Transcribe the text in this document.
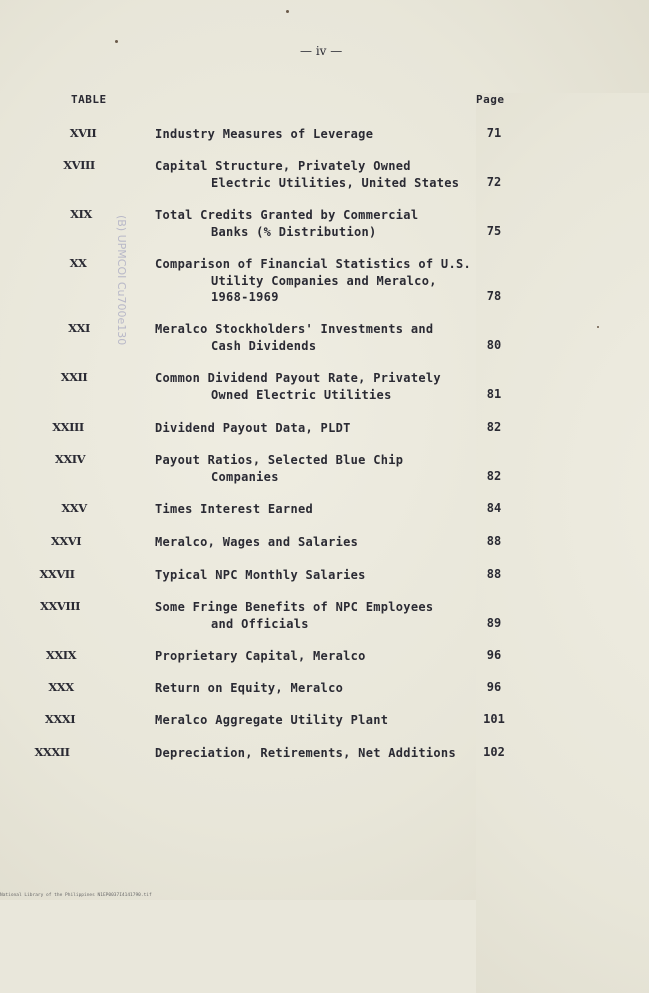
— iv —
TABLE	Page
XVII	Industry Measures of Leverage	71
XVIII	Capital Structure, Privately Owned
Electric Utilities, United States	72
XIX	Total Credits Granted by Commercial
Banks (% Distribution)	75
XX	Comparison of Financial Statistics of U.S.
Utility Companies and Meralco,
1968-1969	78
XXI	Meralco Stockholders' Investments and
Cash Dividends	80
XXII	Common Dividend Payout Rate, Privately
Owned Electric Utilities	81
XXIII	Dividend Payout Data, PLDT	82
XXIV	Payout Ratios, Selected Blue Chip
Companies	82
XXV	Times Interest Earned	84
XXVI	Meralco, Wages and Salaries	88
XXVII	Typical NPC Monthly Salaries	88
XXVIII	Some Fringe Benefits of NPC Employees
and Officials	89
XXIX	Proprietary Capital, Meralco	96
XXX	Return on Equity, Meralco	96
XXXI	Meralco Aggregate Utility Plant	101
XXXII	Depreciation, Retirements, Net Additions	102
(B) UPMCOI Cu700e130
National Library of the Philippines N1EP0037I4141790.tif
